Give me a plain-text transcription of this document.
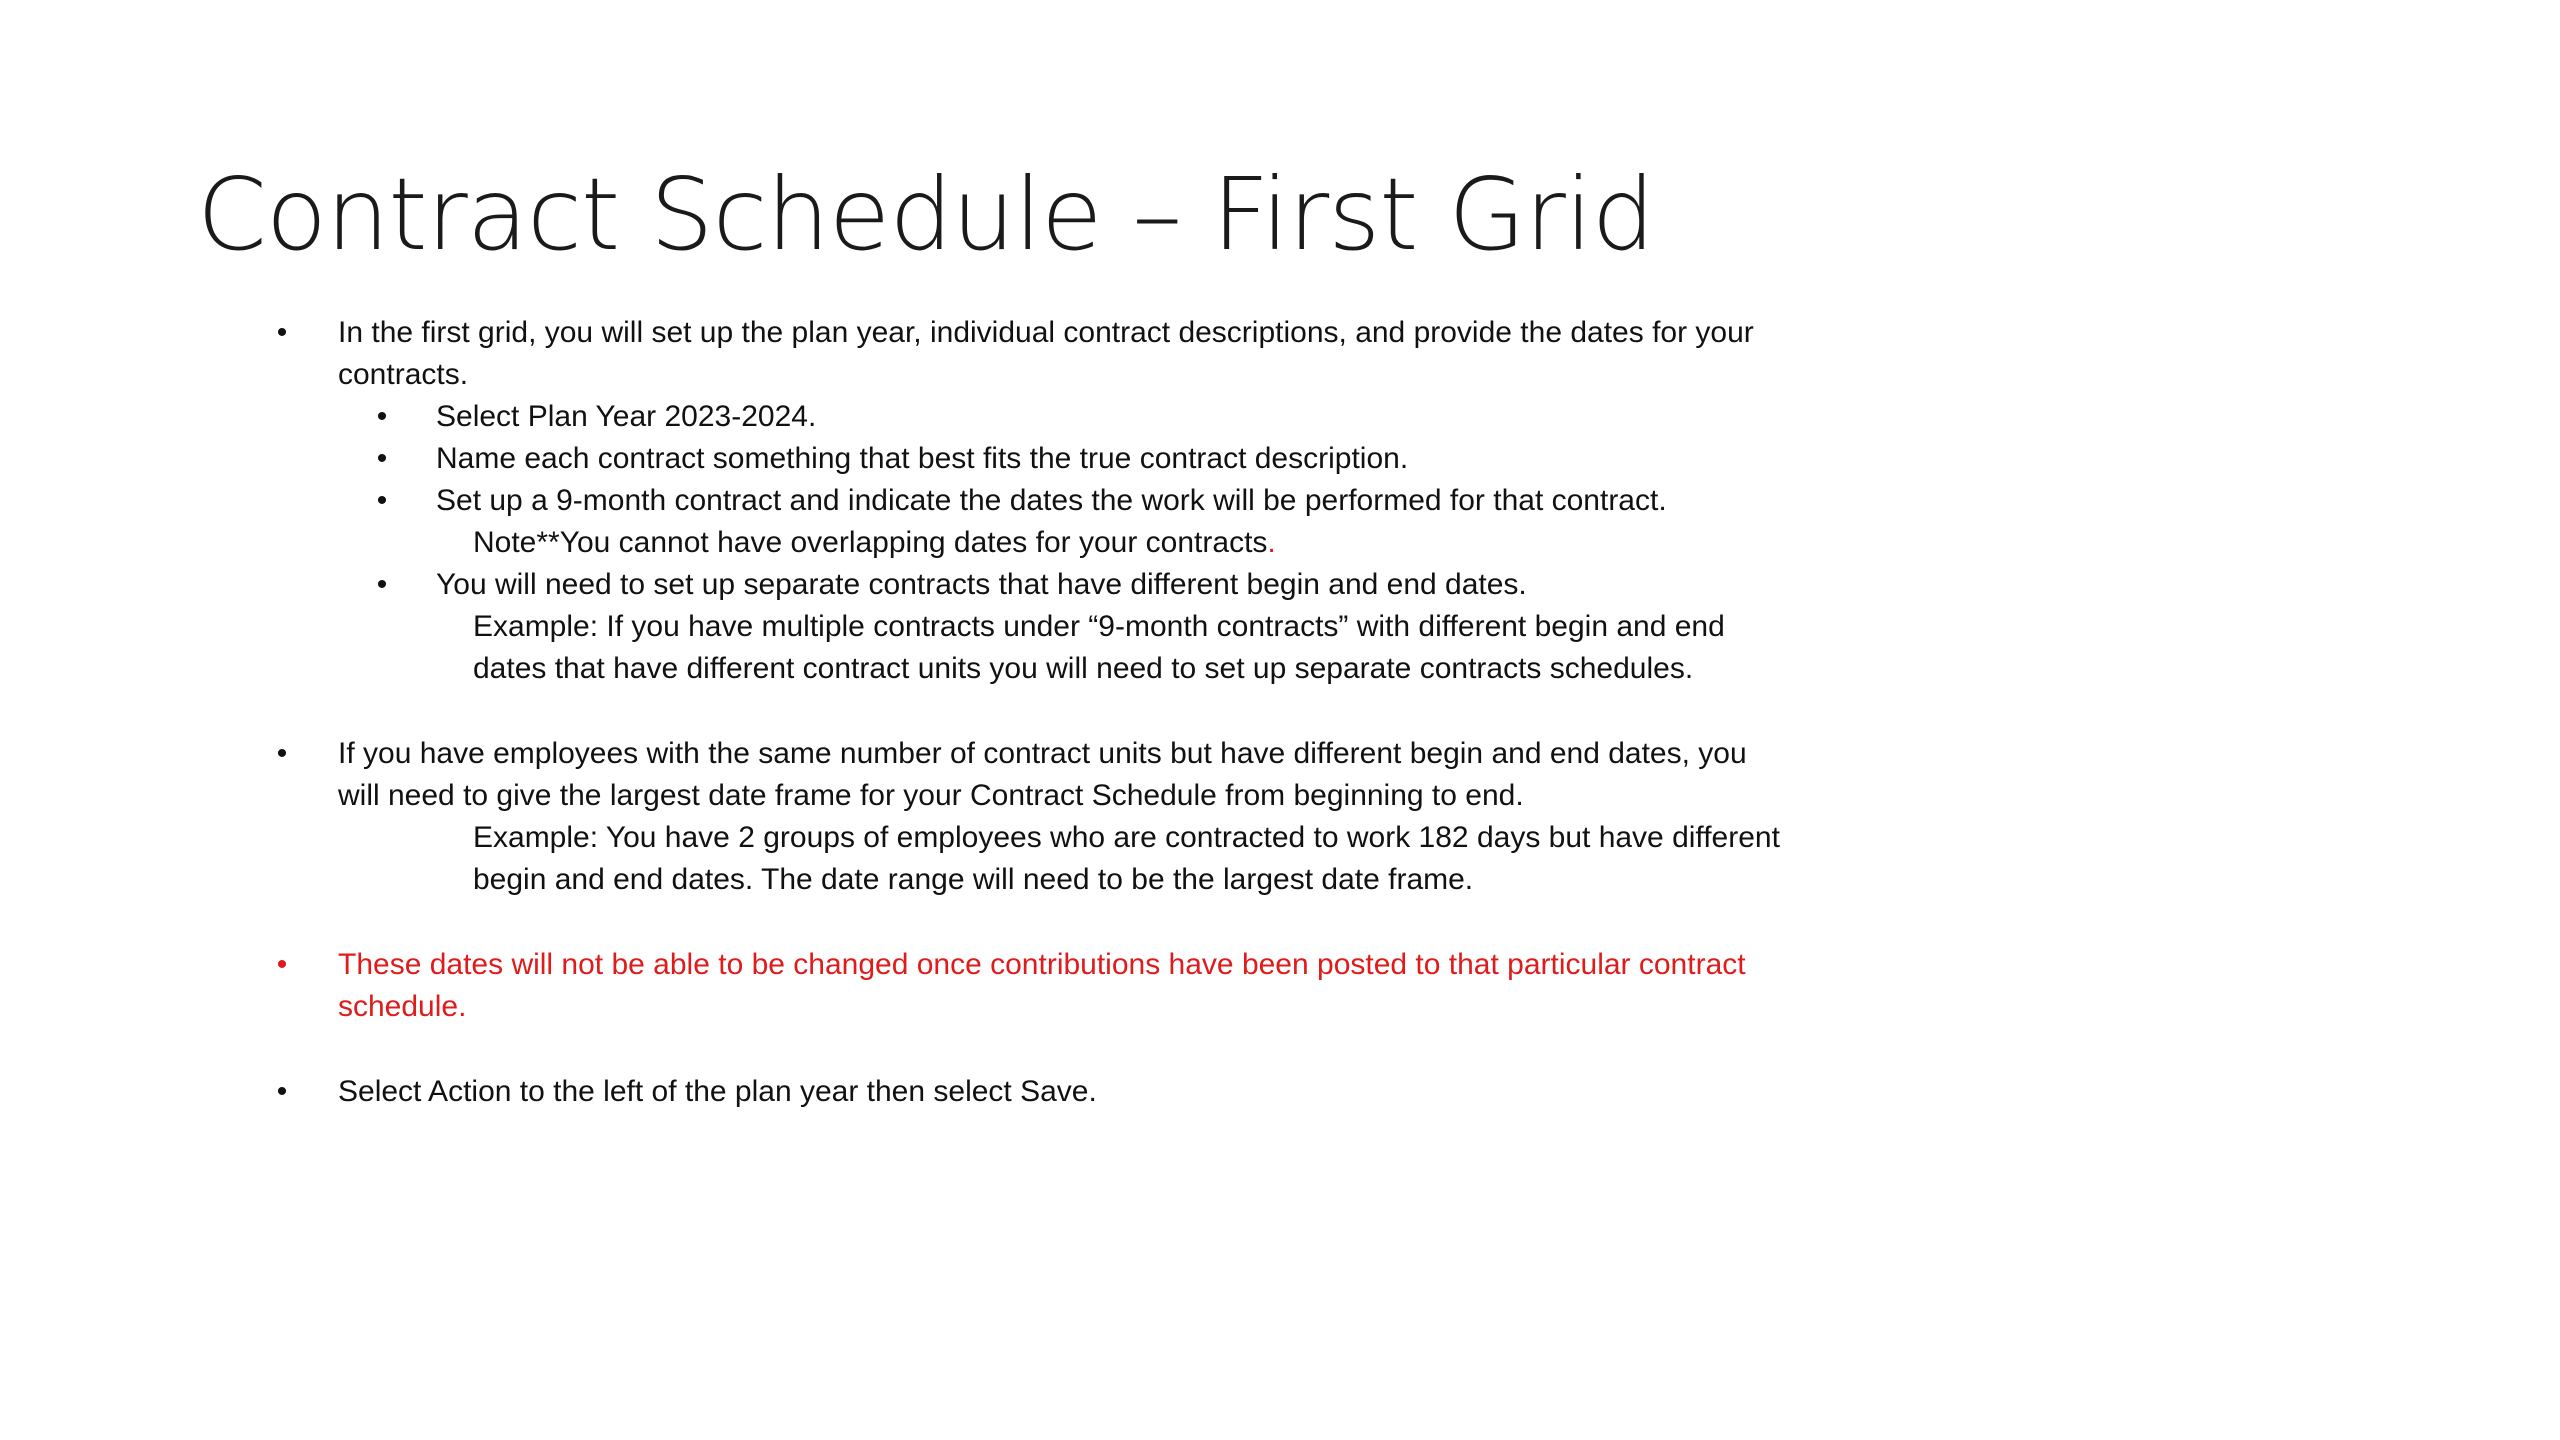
Contract Schedule – First Grid
• In the first grid, you will set up the plan year, individual contract descriptions, and provide the dates for your

contracts.

• Select Plan Year 2023-2024.

• Name each contract something that best fits the true contract description.

• Set up a 9-month contract and indicate the dates the work will be performed for that contract.

Note**You cannot have overlapping dates for your contracts.

• You will need to set up separate contracts that have different begin and end dates.

Example: If you have multiple contracts under “9-month contracts” with different begin and end

dates that have different contract units you will need to set up separate contracts schedules.

• If you have employees with the same number of contract units but have different begin and end dates, you

will need to give the largest date frame for your Contract Schedule from beginning to end.

Example: You have 2 groups of employees who are contracted to work 182 days but have different

begin and end dates. The date range will need to be the largest date frame.

• These dates will not be able to be changed once contributions have been posted to that particular contract

schedule.

• Select Action to the left of the plan year then select Save.
